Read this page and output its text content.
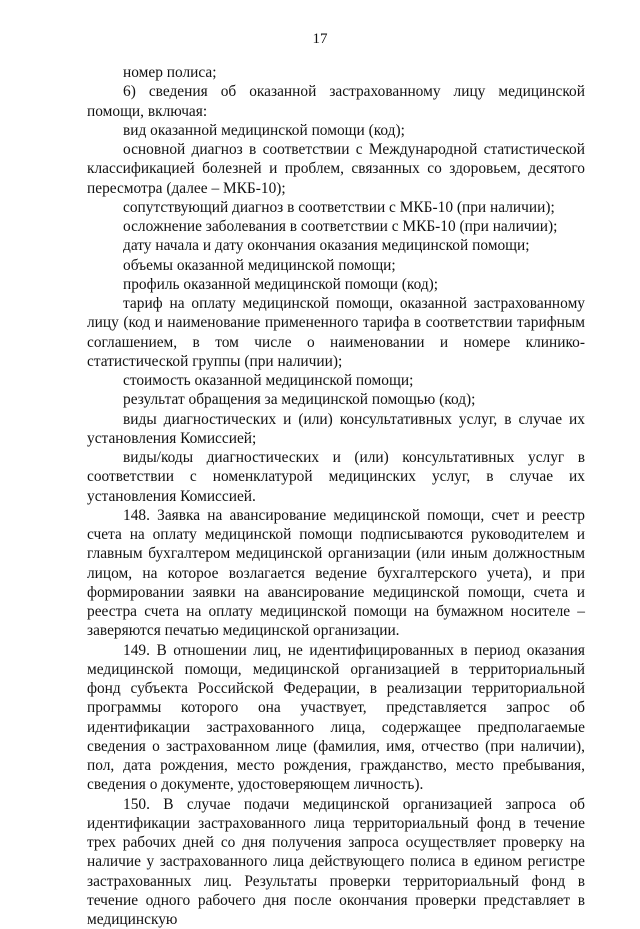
17

номер полиса;

6) сведения об оказанной застрахованному лицу медицинской помощи, включая:

вид оказанной медицинской помощи (код);

основной диагноз в соответствии с Международной статистической классификацией болезней и проблем, связанных со здоровьем, десятого пересмотра (далее – МКБ-10);

сопутствующий диагноз в соответствии с МКБ-10 (при наличии);

осложнение заболевания в соответствии с МКБ-10 (при наличии);

дату начала и дату окончания оказания медицинской помощи;

объемы оказанной медицинской помощи;

профиль оказанной медицинской помощи (код);

тариф на оплату медицинской помощи, оказанной застрахованному лицу (код и наименование примененного тарифа в соответствии тарифным соглашением, в том числе о наименовании и номере клинико-статистической группы (при наличии);

стоимость оказанной медицинской помощи;

результат обращения за медицинской помощью (код);

виды диагностических и (или) консультативных услуг, в случае их установления Комиссией;

виды/коды диагностических и (или) консультативных услуг в соответствии с номенклатурой медицинских услуг, в случае их установления Комиссией.

148. Заявка на авансирование медицинской помощи, счет и реестр счета на оплату медицинской помощи подписываются руководителем и главным бухгалтером медицинской организации (или иным должностным лицом, на которое возлагается ведение бухгалтерского учета), и при формировании заявки на авансирование медицинской помощи, счета и реестра счета на оплату медицинской помощи на бумажном носителе – заверяются печатью медицинской организации.

149. В отношении лиц, не идентифицированных в период оказания медицинской помощи, медицинской организацией в территориальный фонд субъекта Российской Федерации, в реализации территориальной программы которого она участвует, представляется запрос об идентификации застрахованного лица, содержащее предполагаемые сведения о застрахованном лице (фамилия, имя, отчество (при наличии), пол, дата рождения, место рождения, гражданство, место пребывания, сведения о документе, удостоверяющем личность).

150. В случае подачи медицинской организацией запроса об идентификации застрахованного лица территориальный фонд в течение трех рабочих дней со дня получения запроса осуществляет проверку на наличие у застрахованного лица действующего полиса в едином регистре застрахованных лиц. Результаты проверки территориальный фонд в течение одного рабочего дня после окончания проверки представляет в медицинскую
